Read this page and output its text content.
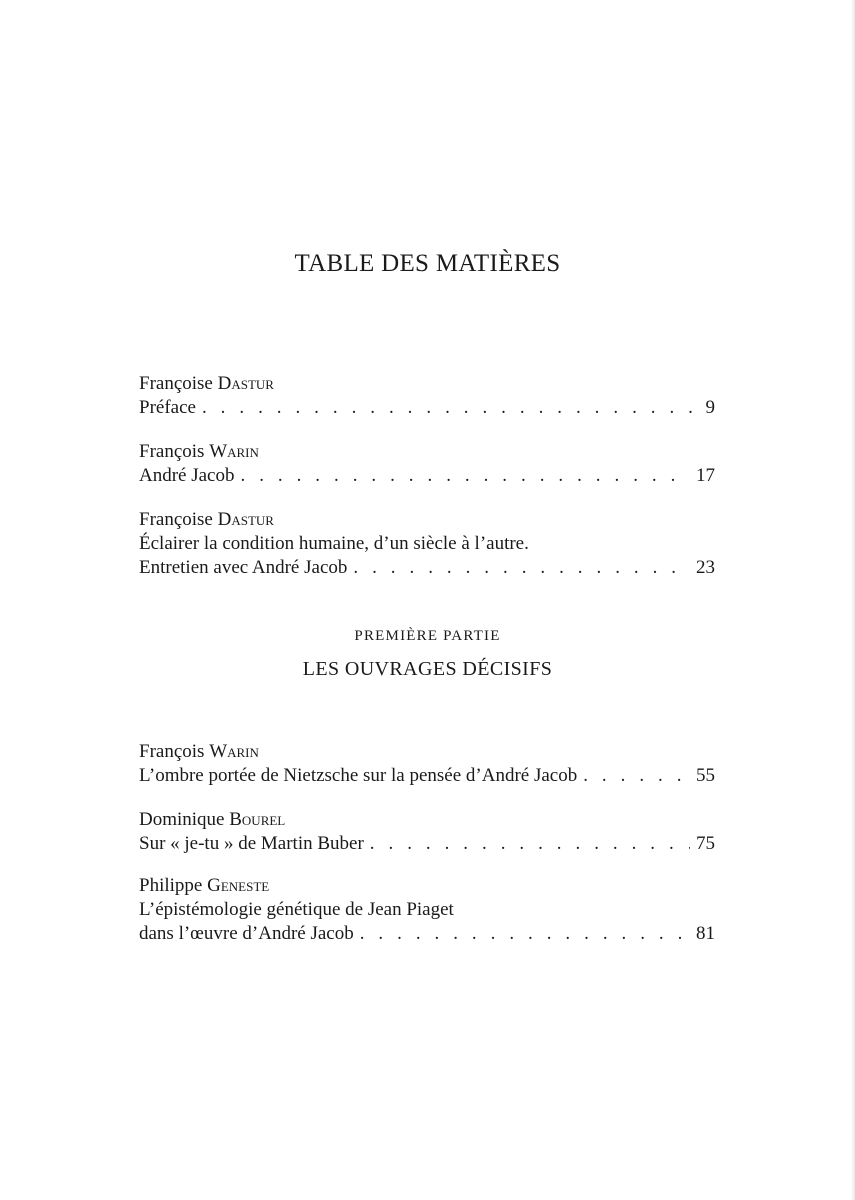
TABLE DES MATIÈRES
Françoise Dastur
Préface . . .	9
François Warin
André Jacob . . .	17
Françoise Dastur
Éclairer la condition humaine, d’un siècle à l’autre.
Entretien avec André Jacob . . .	23
PREMIÈRE PARTIE
LES OUVRAGES DÉCISIFS
François Warin
L’ombre portée de Nietzsche sur la pensée d’André Jacob . . .	55
Dominique Bourel
Sur « je-tu » de Martin Buber . . .	75
Philippe Geneste
L’épistémologie génétique de Jean Piaget
dans l’œuvre d’André Jacob . . .	81
